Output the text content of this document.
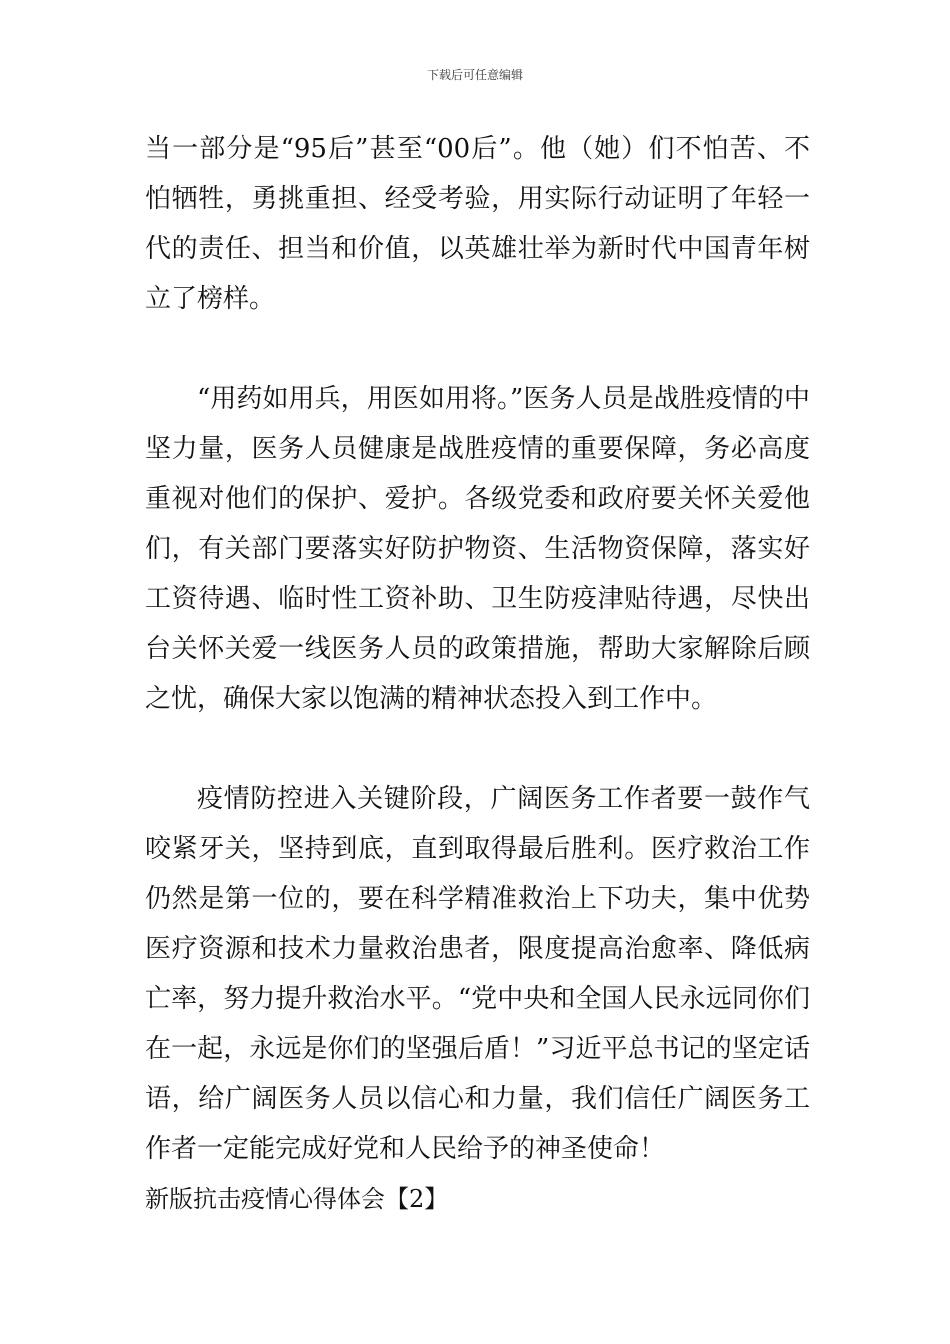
下载后可任意编辑

当一部分是“95后”甚至“00后”。他（她）们不怕苦、不怕牺牲，勇挑重担、经受考验，用实际行动证明了年轻一代的责任、担当和价值，以英雄壮举为新时代中国青年树立了榜样。

“用药如用兵，用医如用将。”医务人员是战胜疫情的中坚力量，医务人员健康是战胜疫情的重要保障，务必高度重视对他们的保护、爱护。各级党委和政府要关怀关爱他们，有关部门要落实好防护物资、生活物资保障，落实好工资待遇、临时性工资补助、卫生防疫津贴待遇，尽快出台关怀关爱一线医务人员的政策措施，帮助大家解除后顾之忧，确保大家以饱满的精神状态投入到工作中。

疫情防控进入关键阶段，广阔医务工作者要一鼓作气咬紧牙关，坚持到底，直到取得最后胜利。医疗救治工作仍然是第一位的，要在科学精准救治上下功夫，集中优势医疗资源和技术力量救治患者，限度提高治愈率、降低病亡率，努力提升救治水平。“党中央和全国人民永远同你们在一起，永远是你们的坚强后盾！”习近平总书记的坚定话语，给广阔医务人员以信心和力量，我们信任广阔医务工作者一定能完成好党和人民给予的神圣使命！

新版抗击疫情心得体会【2】
